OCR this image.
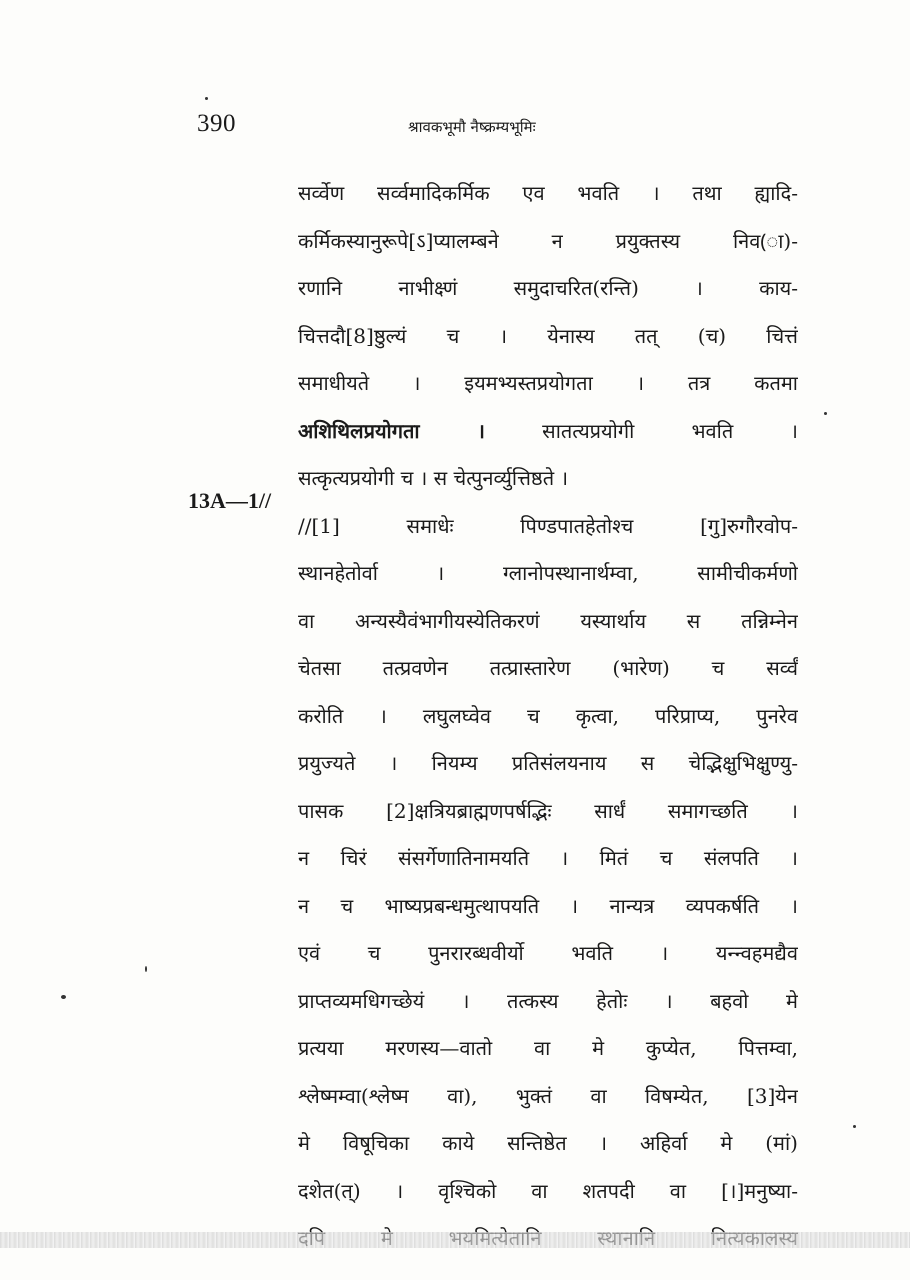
390	श्रावकभूमौ नैष्क्रम्यभूमिः
13A—1//
सर्व्वेण सर्व्वमादिकर्मिक एव भवति । तथा ह्यादि-
कर्मिकस्यानुरूपे[ऽ]प्यालम्बने न प्रयुक्तस्य निव(ा)-
रणानि नाभीक्ष्णं समुदाचरित(रन्ति) । काय-
चित्तदौ[8]ष्ठुल्यं च । येनास्य तत् (च) चित्तं
समाधीयते । इयमभ्यस्तप्रयोगता । तत्र कतमा
अशिथिलप्रयोगता ।	सातत्यप्रयोगी भवति ।
सत्कृत्यप्रयोगी च । स चेत्पुनर्व्युत्तिष्ठते ।
//[1] समाधेः पिण्डपातहेतोश्च [गु]रुगौरवोप-
स्थानहेतोर्वा । ग्लानोपस्थानार्थम्वा, सामीचीकर्मणो
वा अन्यस्यैवंभागीयस्येतिकरणं यस्यार्थाय स तन्निम्नेन
चेतसा तत्प्रवणेन तत्प्रास्तारेण (भारेण) च सर्व्वं
करोति । लघुलघ्वेव च कृत्वा, परिप्राप्य, पुनरेव
प्रयुज्यते । नियम्य प्रतिसंलयनाय स चेद्भिक्षुभिक्षुण्यु-
पासक [2]क्षत्रियब्राह्मणपर्षद्भिः सार्धं समागच्छति ।
न चिरं संसर्गेणातिनामयति । मितं च संलपति ।
न च भाष्यप्रबन्धमुत्थापयति । नान्यत्र व्यपकर्षति ।
एवं च पुनरारब्धवीर्यो भवति । यन्न्वहमद्यैव
प्राप्तव्यमधिगच्छेयं । तत्कस्य हेतोः । बहवो मे
प्रत्यया मरणस्य—वातो वा मे कुप्येत, पित्तम्वा,
श्लेष्मम्वा(श्लेष्म वा), भुक्तं वा विषम्येत, [3]येन
मे विषूचिका काये सन्तिष्ठेत । अहिर्वा मे (मां)
दशेत(त्) । वृश्चिको वा शतपदी वा [।]मनुष्या-
